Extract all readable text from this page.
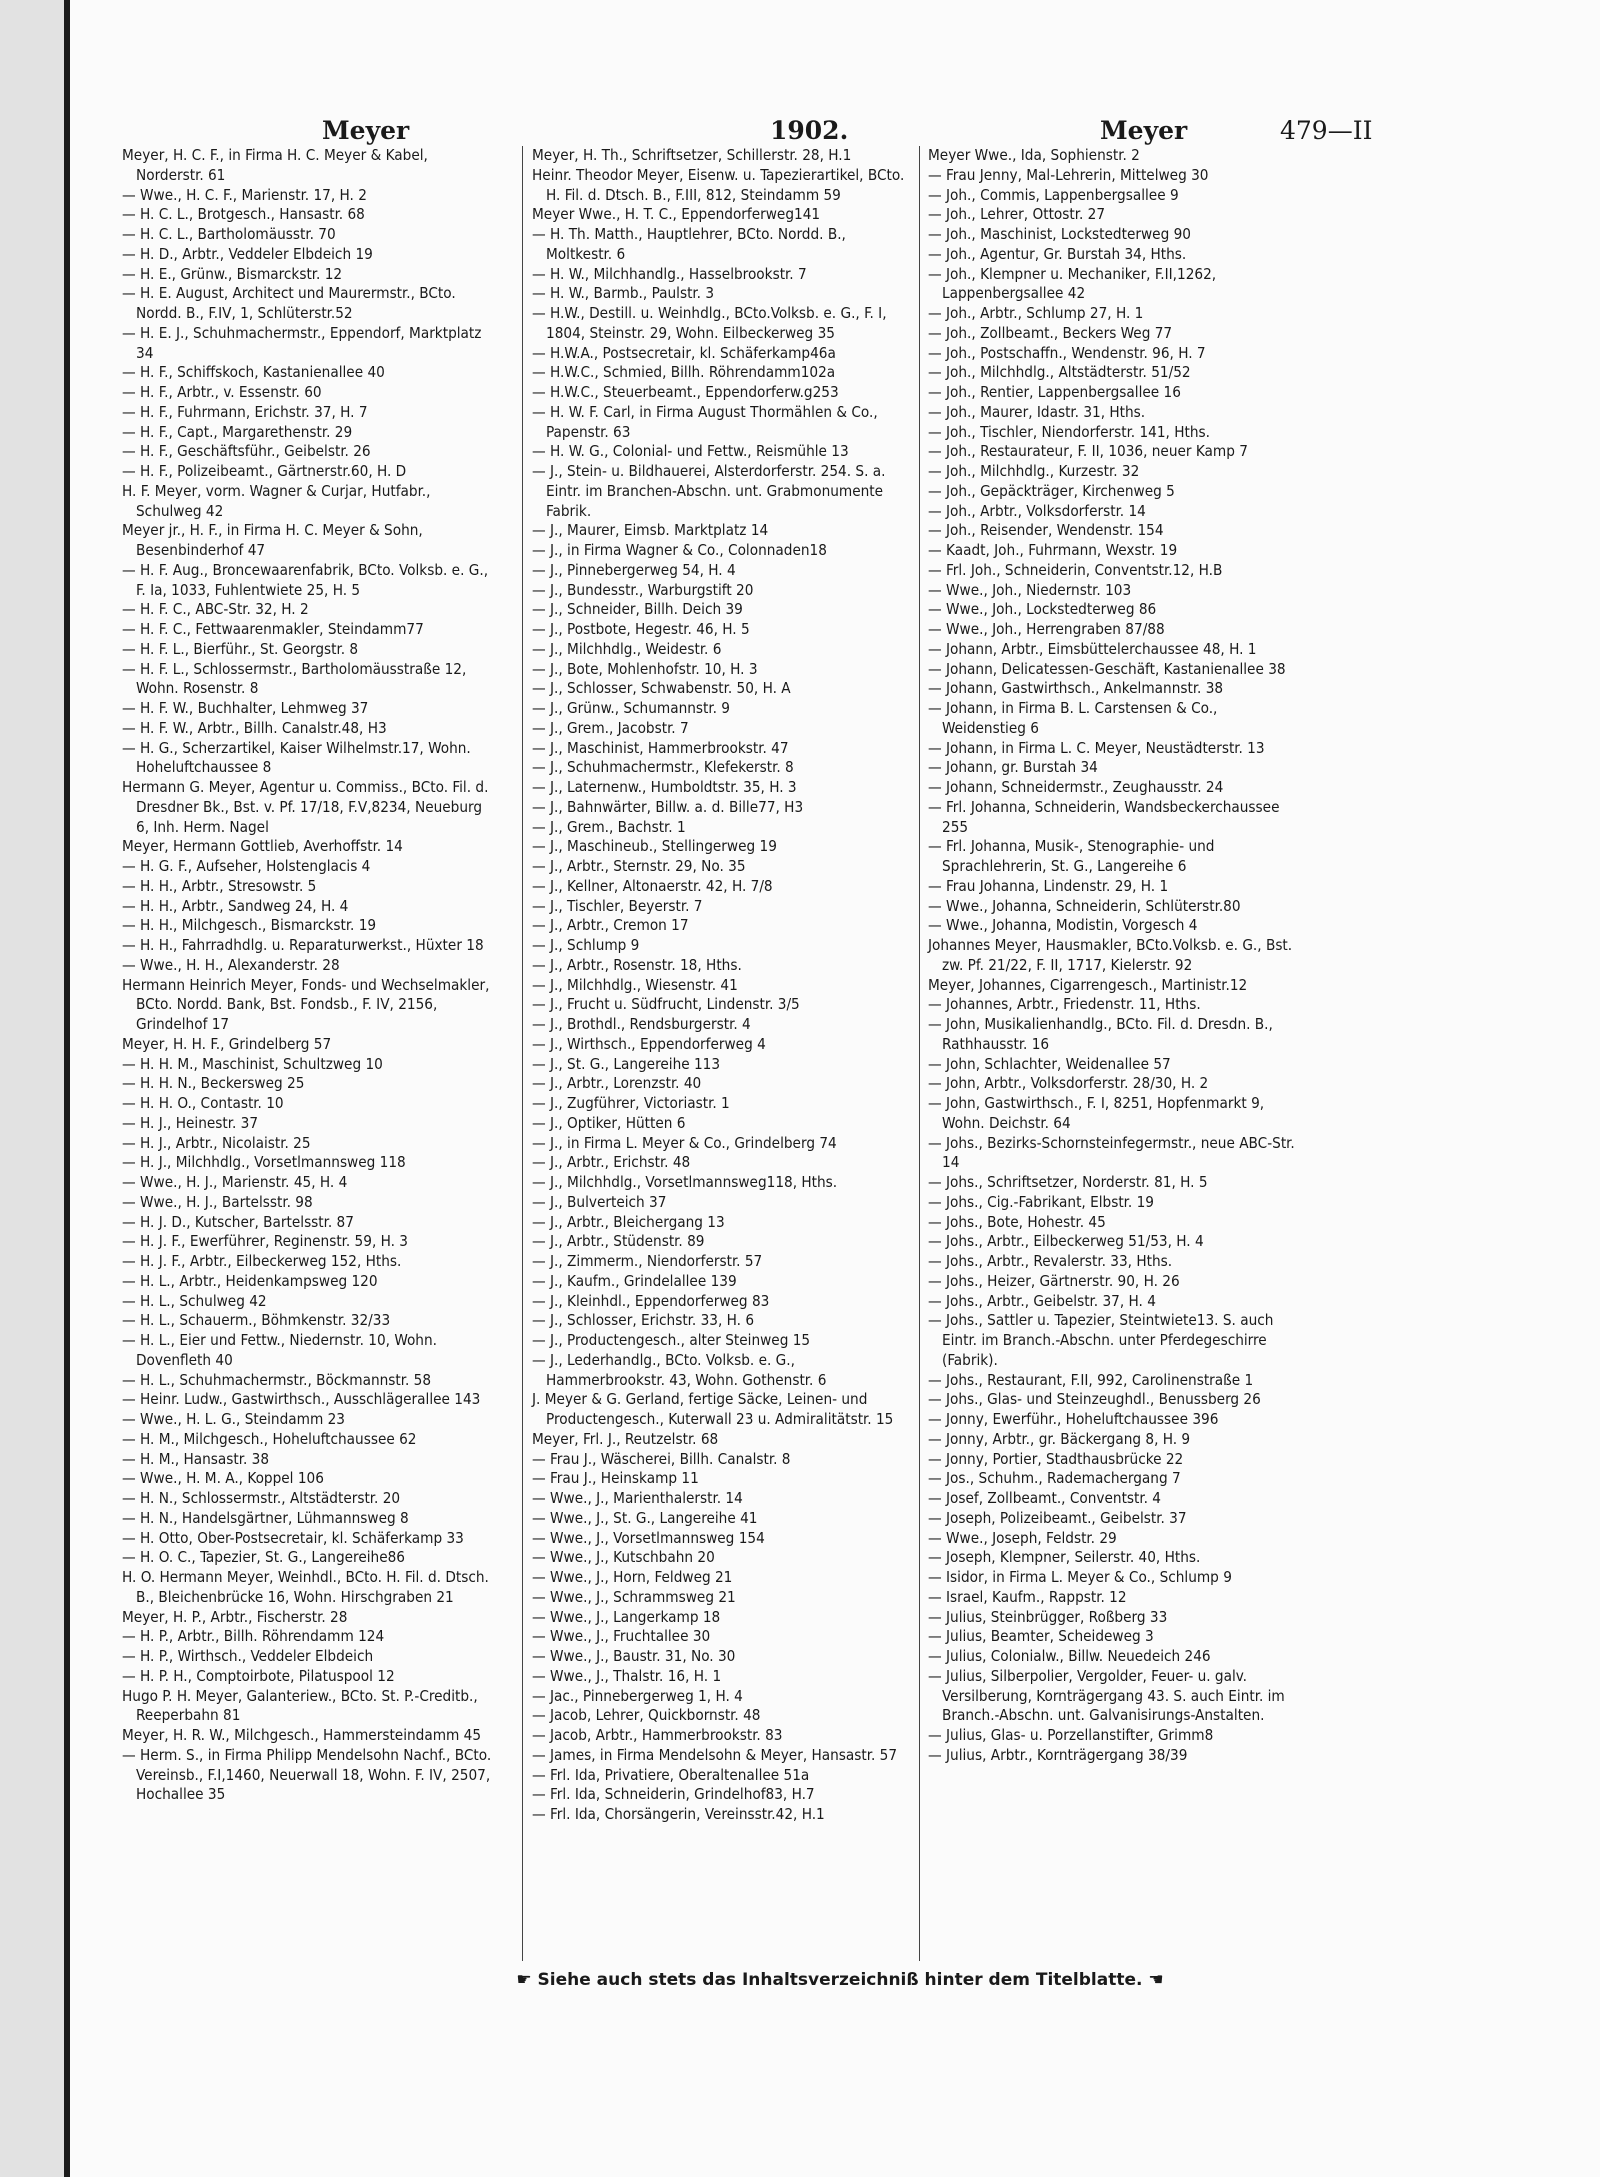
Meyer	1902.	Meyer	479—II

Meyer, H. C. F., in Firma H. C. Meyer & Kabel, Norderstr. 61

— Wwe., H. C. F., Marienstr. 17, H. 2

— H. C. L., Brotgesch., Hansastr. 68

— H. C. L., Bartholomäusstr. 70

— H. D., Arbtr., Veddeler Elbdeich 19

— H. E., Grünw., Bismarckstr. 12

— H. E. August, Architect und Maurermstr., BCto. Nordd. B., F.IV, 1, Schlüterstr.52

— H. E. J., Schuhmachermstr., Eppendorf, Marktplatz 34

— H. F., Schiffskoch, Kastanienallee 40

— H. F., Arbtr., v. Essenstr. 60

— H. F., Fuhrmann, Erichstr. 37, H. 7

— H. F., Capt., Margarethenstr. 29

— H. F., Geschäftsführ., Geibelstr. 26

— H. F., Polizeibeamt., Gärtnerstr.60, H. D

H. F. Meyer, vorm. Wagner & Curjar, Hutfabr., Schulweg 42

Meyer jr., H. F., in Firma H. C. Meyer & Sohn, Besenbinderhof 47

— H. F. Aug., Broncewaarenfabrik, BCto. Volksb. e. G., F. Ia, 1033, Fuhlentwiete 25, H. 5

— H. F. C., ABC-Str. 32, H. 2

— H. F. C., Fettwaarenmakler, Steindamm77

— H. F. L., Bierführ., St. Georgstr. 8

— H. F. L., Schlossermstr., Bartholomäusstraße 12, Wohn. Rosenstr. 8

— H. F. W., Buchhalter, Lehmweg 37

— H. F. W., Arbtr., Billh. Canalstr.48, H3

— H. G., Scherzartikel, Kaiser Wilhelmstr.17, Wohn. Hoheluftchaussee 8

Hermann G. Meyer, Agentur u. Commiss., BCto. Fil. d. Dresdner Bk., Bst. v. Pf. 17/18, F.V,8234, Neueburg 6, Inh. Herm. Nagel

Meyer, Hermann Gottlieb, Averhoffstr. 14

— H. G. F., Aufseher, Holstenglacis 4

— H. H., Arbtr., Stresowstr. 5

— H. H., Arbtr., Sandweg 24, H. 4

— H. H., Milchgesch., Bismarckstr. 19

— H. H., Fahrradhdlg. u. Reparaturwerkst., Hüxter 18

— Wwe., H. H., Alexanderstr. 28

Hermann Heinrich Meyer, Fonds- und Wechselmakler, BCto. Nordd. Bank, Bst. Fondsb., F. IV, 2156, Grindelhof 17

Meyer, H. H. F., Grindelberg 57

— H. H. M., Maschinist, Schultzweg 10

— H. H. N., Beckersweg 25

— H. H. O., Contastr. 10

— H. J., Heinestr. 37

— H. J., Arbtr., Nicolaistr. 25

— H. J., Milchhdlg., Vorsetlmannsweg 118

— Wwe., H. J., Marienstr. 45, H. 4

— Wwe., H. J., Bartelsstr. 98

— H. J. D., Kutscher, Bartelsstr. 87

— H. J. F., Ewerführer, Reginenstr. 59, H. 3

— H. J. F., Arbtr., Eilbeckerweg 152, Hths.

— H. L., Arbtr., Heidenkampsweg 120

— H. L., Schulweg 42

— H. L., Schauerm., Böhmkenstr. 32/33

— H. L., Eier und Fettw., Niedernstr. 10, Wohn. Dovenfleth 40

— H. L., Schuhmachermstr., Böckmannstr. 58

— Heinr. Ludw., Gastwirthsch., Ausschlägerallee 143

— Wwe., H. L. G., Steindamm 23

— H. M., Milchgesch., Hoheluftchaussee 62

— H. M., Hansastr. 38

— Wwe., H. M. A., Koppel 106

— H. N., Schlossermstr., Altstädterstr. 20

— H. N., Handelsgärtner, Lühmannsweg 8

— H. Otto, Ober-Postsecretair, kl. Schäferkamp 33

— H. O. C., Tapezier, St. G., Langereihe86

H. O. Hermann Meyer, Weinhdl., BCto. H. Fil. d. Dtsch. B., Bleichenbrücke 16, Wohn. Hirschgraben 21

Meyer, H. P., Arbtr., Fischerstr. 28

— H. P., Arbtr., Billh. Röhrendamm 124

— H. P., Wirthsch., Veddeler Elbdeich

— H. P. H., Comptoirbote, Pilatuspool 12

Hugo P. H. Meyer, Galanteriew., BCto. St. P.-Creditb., Reeperbahn 81

Meyer, H. R. W., Milchgesch., Hammersteindamm 45

— Herm. S., in Firma Philipp Mendelsohn Nachf., BCto. Vereinsb., F.I,1460, Neuerwall 18, Wohn. F. IV, 2507, Hochallee 35

Meyer, H. Th., Schriftsetzer, Schillerstr. 28, H.1

Heinr. Theodor Meyer, Eisenw. u. Tapezierartikel, BCto. H. Fil. d. Dtsch. B., F.III, 812, Steindamm 59

Meyer Wwe., H. T. C., Eppendorferweg141

— H. Th. Matth., Hauptlehrer, BCto. Nordd. B., Moltkestr. 6

— H. W., Milchhandlg., Hasselbrookstr. 7

— H. W., Barmb., Paulstr. 3

— H.W., Destill. u. Weinhdlg., BCto.Volksb. e. G., F. I, 1804, Steinstr. 29, Wohn. Eilbeckerweg 35

— H.W.A., Postsecretair, kl. Schäferkamp46a

— H.W.C., Schmied, Billh. Röhrendamm102a

— H.W.C., Steuerbeamt., Eppendorferw.g253

— H. W. F. Carl, in Firma August Thormählen & Co., Papenstr. 63

— H. W. G., Colonial- und Fettw., Reismühle 13

— J., Stein- u. Bildhauerei, Alsterdorferstr. 254. S. a. Eintr. im Branchen-Abschn. unt. Grabmonumente Fabrik.

— J., Maurer, Eimsb. Marktplatz 14

— J., in Firma Wagner & Co., Colonnaden18

— J., Pinnebergerweg 54, H. 4

— J., Bundesstr., Warburgstift 20

— J., Schneider, Billh. Deich 39

— J., Postbote, Hegestr. 46, H. 5

— J., Milchhdlg., Weidestr. 6

— J., Bote, Mohlenhofstr. 10, H. 3

— J., Schlosser, Schwabenstr. 50, H. A

— J., Grünw., Schumannstr. 9

— J., Grem., Jacobstr. 7

— J., Maschinist, Hammerbrookstr. 47

— J., Schuhmachermstr., Klefekerstr. 8

— J., Laternenw., Humboldtstr. 35, H. 3

— J., Bahnwärter, Billw. a. d. Bille77, H3

— J., Grem., Bachstr. 1

— J., Maschineub., Stellingerweg 19

— J., Arbtr., Sternstr. 29, No. 35

— J., Kellner, Altonaerstr. 42, H. 7/8

— J., Tischler, Beyerstr. 7

— J., Arbtr., Cremon 17

— J., Schlump 9

— J., Arbtr., Rosenstr. 18, Hths.

— J., Milchhdlg., Wiesenstr. 41

— J., Frucht u. Südfrucht, Lindenstr. 3/5

— J., Brothdl., Rendsburgerstr. 4

— J., Wirthsch., Eppendorferweg 4

— J., St. G., Langereihe 113

— J., Arbtr., Lorenzstr. 40

— J., Zugführer, Victoriastr. 1

— J., Optiker, Hütten 6

— J., in Firma L. Meyer & Co., Grindelberg 74

— J., Arbtr., Erichstr. 48

— J., Milchhdlg., Vorsetlmannsweg118, Hths.

— J., Bulverteich 37

— J., Arbtr., Bleichergang 13

— J., Arbtr., Stüdenstr. 89

— J., Zimmerm., Niendorferstr. 57

— J., Kaufm., Grindelallee 139

— J., Kleinhdl., Eppendorferweg 83

— J., Schlosser, Erichstr. 33, H. 6

— J., Productengesch., alter Steinweg 15

— J., Lederhandlg., BCto. Volksb. e. G., Hammerbrookstr. 43, Wohn. Gothenstr. 6

J. Meyer & G. Gerland, fertige Säcke, Leinen- und Productengesch., Kuterwall 23 u. Admiralitätstr. 15

Meyer, Frl. J., Reutzelstr. 68

— Frau J., Wäscherei, Billh. Canalstr. 8

— Frau J., Heinskamp 11

— Wwe., J., Marienthalerstr. 14

— Wwe., J., St. G., Langereihe 41

— Wwe., J., Vorsetlmannsweg 154

— Wwe., J., Kutschbahn 20

— Wwe., J., Horn, Feldweg 21

— Wwe., J., Schrammsweg 21

— Wwe., J., Langerkamp 18

— Wwe., J., Fruchtallee 30

— Wwe., J., Baustr. 31, No. 30

— Wwe., J., Thalstr. 16, H. 1

— Jac., Pinnebergerweg 1, H. 4

— Jacob, Lehrer, Quickbornstr. 48

— Jacob, Arbtr., Hammerbrookstr. 83

— James, in Firma Mendelsohn & Meyer, Hansastr. 57

— Frl. Ida, Privatiere, Oberaltenallee 51a

— Frl. Ida, Schneiderin, Grindelhof83, H.7

— Frl. Ida, Chorsängerin, Vereinsstr.42, H.1

Meyer Wwe., Ida, Sophienstr. 2

— Frau Jenny, Mal-Lehrerin, Mittelweg 30

— Joh., Commis, Lappenbergsallee 9

— Joh., Lehrer, Ottostr. 27

— Joh., Maschinist, Lockstedterweg 90

— Joh., Agentur, Gr. Burstah 34, Hths.

— Joh., Klempner u. Mechaniker, F.II,1262, Lappenbergsallee 42

— Joh., Arbtr., Schlump 27, H. 1

— Joh., Zollbeamt., Beckers Weg 77

— Joh., Postschaffn., Wendenstr. 96, H. 7

— Joh., Milchhdlg., Altstädterstr. 51/52

— Joh., Rentier, Lappenbergsallee 16

— Joh., Maurer, Idastr. 31, Hths.

— Joh., Tischler, Niendorferstr. 141, Hths.

— Joh., Restaurateur, F. II, 1036, neuer Kamp 7

— Joh., Milchhdlg., Kurzestr. 32

— Joh., Gepäckträger, Kirchenweg 5

— Joh., Arbtr., Volksdorferstr. 14

— Joh., Reisender, Wendenstr. 154

— Kaadt, Joh., Fuhrmann, Wexstr. 19

— Frl. Joh., Schneiderin, Conventstr.12, H.B

— Wwe., Joh., Niedernstr. 103

— Wwe., Joh., Lockstedterweg 86

— Wwe., Joh., Herrengraben 87/88

— Johann, Arbtr., Eimsbüttelerchaussee 48, H. 1

— Johann, Delicatessen-Geschäft, Kastanienallee 38

— Johann, Gastwirthsch., Ankelmannstr. 38

— Johann, in Firma B. L. Carstensen & Co., Weidenstieg 6

— Johann, in Firma L. C. Meyer, Neustädterstr. 13

— Johann, gr. Burstah 34

— Johann, Schneidermstr., Zeughausstr. 24

— Frl. Johanna, Schneiderin, Wandsbeckerchaussee 255

— Frl. Johanna, Musik-, Stenographie- und Sprachlehrerin, St. G., Langereihe 6

— Frau Johanna, Lindenstr. 29, H. 1

— Wwe., Johanna, Schneiderin, Schlüterstr.80

— Wwe., Johanna, Modistin, Vorgesch 4

Johannes Meyer, Hausmakler, BCto.Volksb. e. G., Bst. zw. Pf. 21/22, F. II, 1717, Kielerstr. 92

Meyer, Johannes, Cigarrengesch., Martinistr.12

— Johannes, Arbtr., Friedenstr. 11, Hths.

— John, Musikalienhandlg., BCto. Fil. d. Dresdn. B., Rathhausstr. 16

— John, Schlachter, Weidenallee 57

— John, Arbtr., Volksdorferstr. 28/30, H. 2

— John, Gastwirthsch., F. I, 8251, Hopfenmarkt 9, Wohn. Deichstr. 64

— Johs., Bezirks-Schornsteinfegermstr., neue ABC-Str. 14

— Johs., Schriftsetzer, Norderstr. 81, H. 5

— Johs., Cig.-Fabrikant, Elbstr. 19

— Johs., Bote, Hohestr. 45

— Johs., Arbtr., Eilbeckerweg 51/53, H. 4

— Johs., Arbtr., Revalerstr. 33, Hths.

— Johs., Heizer, Gärtnerstr. 90, H. 26

— Johs., Arbtr., Geibelstr. 37, H. 4

— Johs., Sattler u. Tapezier, Steintwiete13. S. auch Eintr. im Branch.-Abschn. unter Pferdegeschirre (Fabrik).

— Johs., Restaurant, F.II, 992, Carolinenstraße 1

— Johs., Glas- und Steinzeughdl., Benussberg 26

— Jonny, Ewerführ., Hoheluftchaussee 396

— Jonny, Arbtr., gr. Bäckergang 8, H. 9

— Jonny, Portier, Stadthausbrücke 22

— Jos., Schuhm., Rademachergang 7

— Josef, Zollbeamt., Conventstr. 4

— Joseph, Polizeibeamt., Geibelstr. 37

— Wwe., Joseph, Feldstr. 29

— Joseph, Klempner, Seilerstr. 40, Hths.

— Isidor, in Firma L. Meyer & Co., Schlump 9

— Israel, Kaufm., Rappstr. 12

— Julius, Steinbrügger, Roßberg 33

— Julius, Beamter, Scheideweg 3

— Julius, Colonialw., Billw. Neuedeich 246

— Julius, Silberpolier, Vergolder, Feuer- u. galv. Versilberung, Kornträgergang 43. S. auch Eintr. im Branch.-Abschn. unt. Galvanisirungs-Anstalten.

— Julius, Glas- u. Porzellanstifter, Grimm8

— Julius, Arbtr., Kornträgergang 38/39

☛ Siehe auch stets das Inhaltsverzeichniß hinter dem Titelblatte. ☚
